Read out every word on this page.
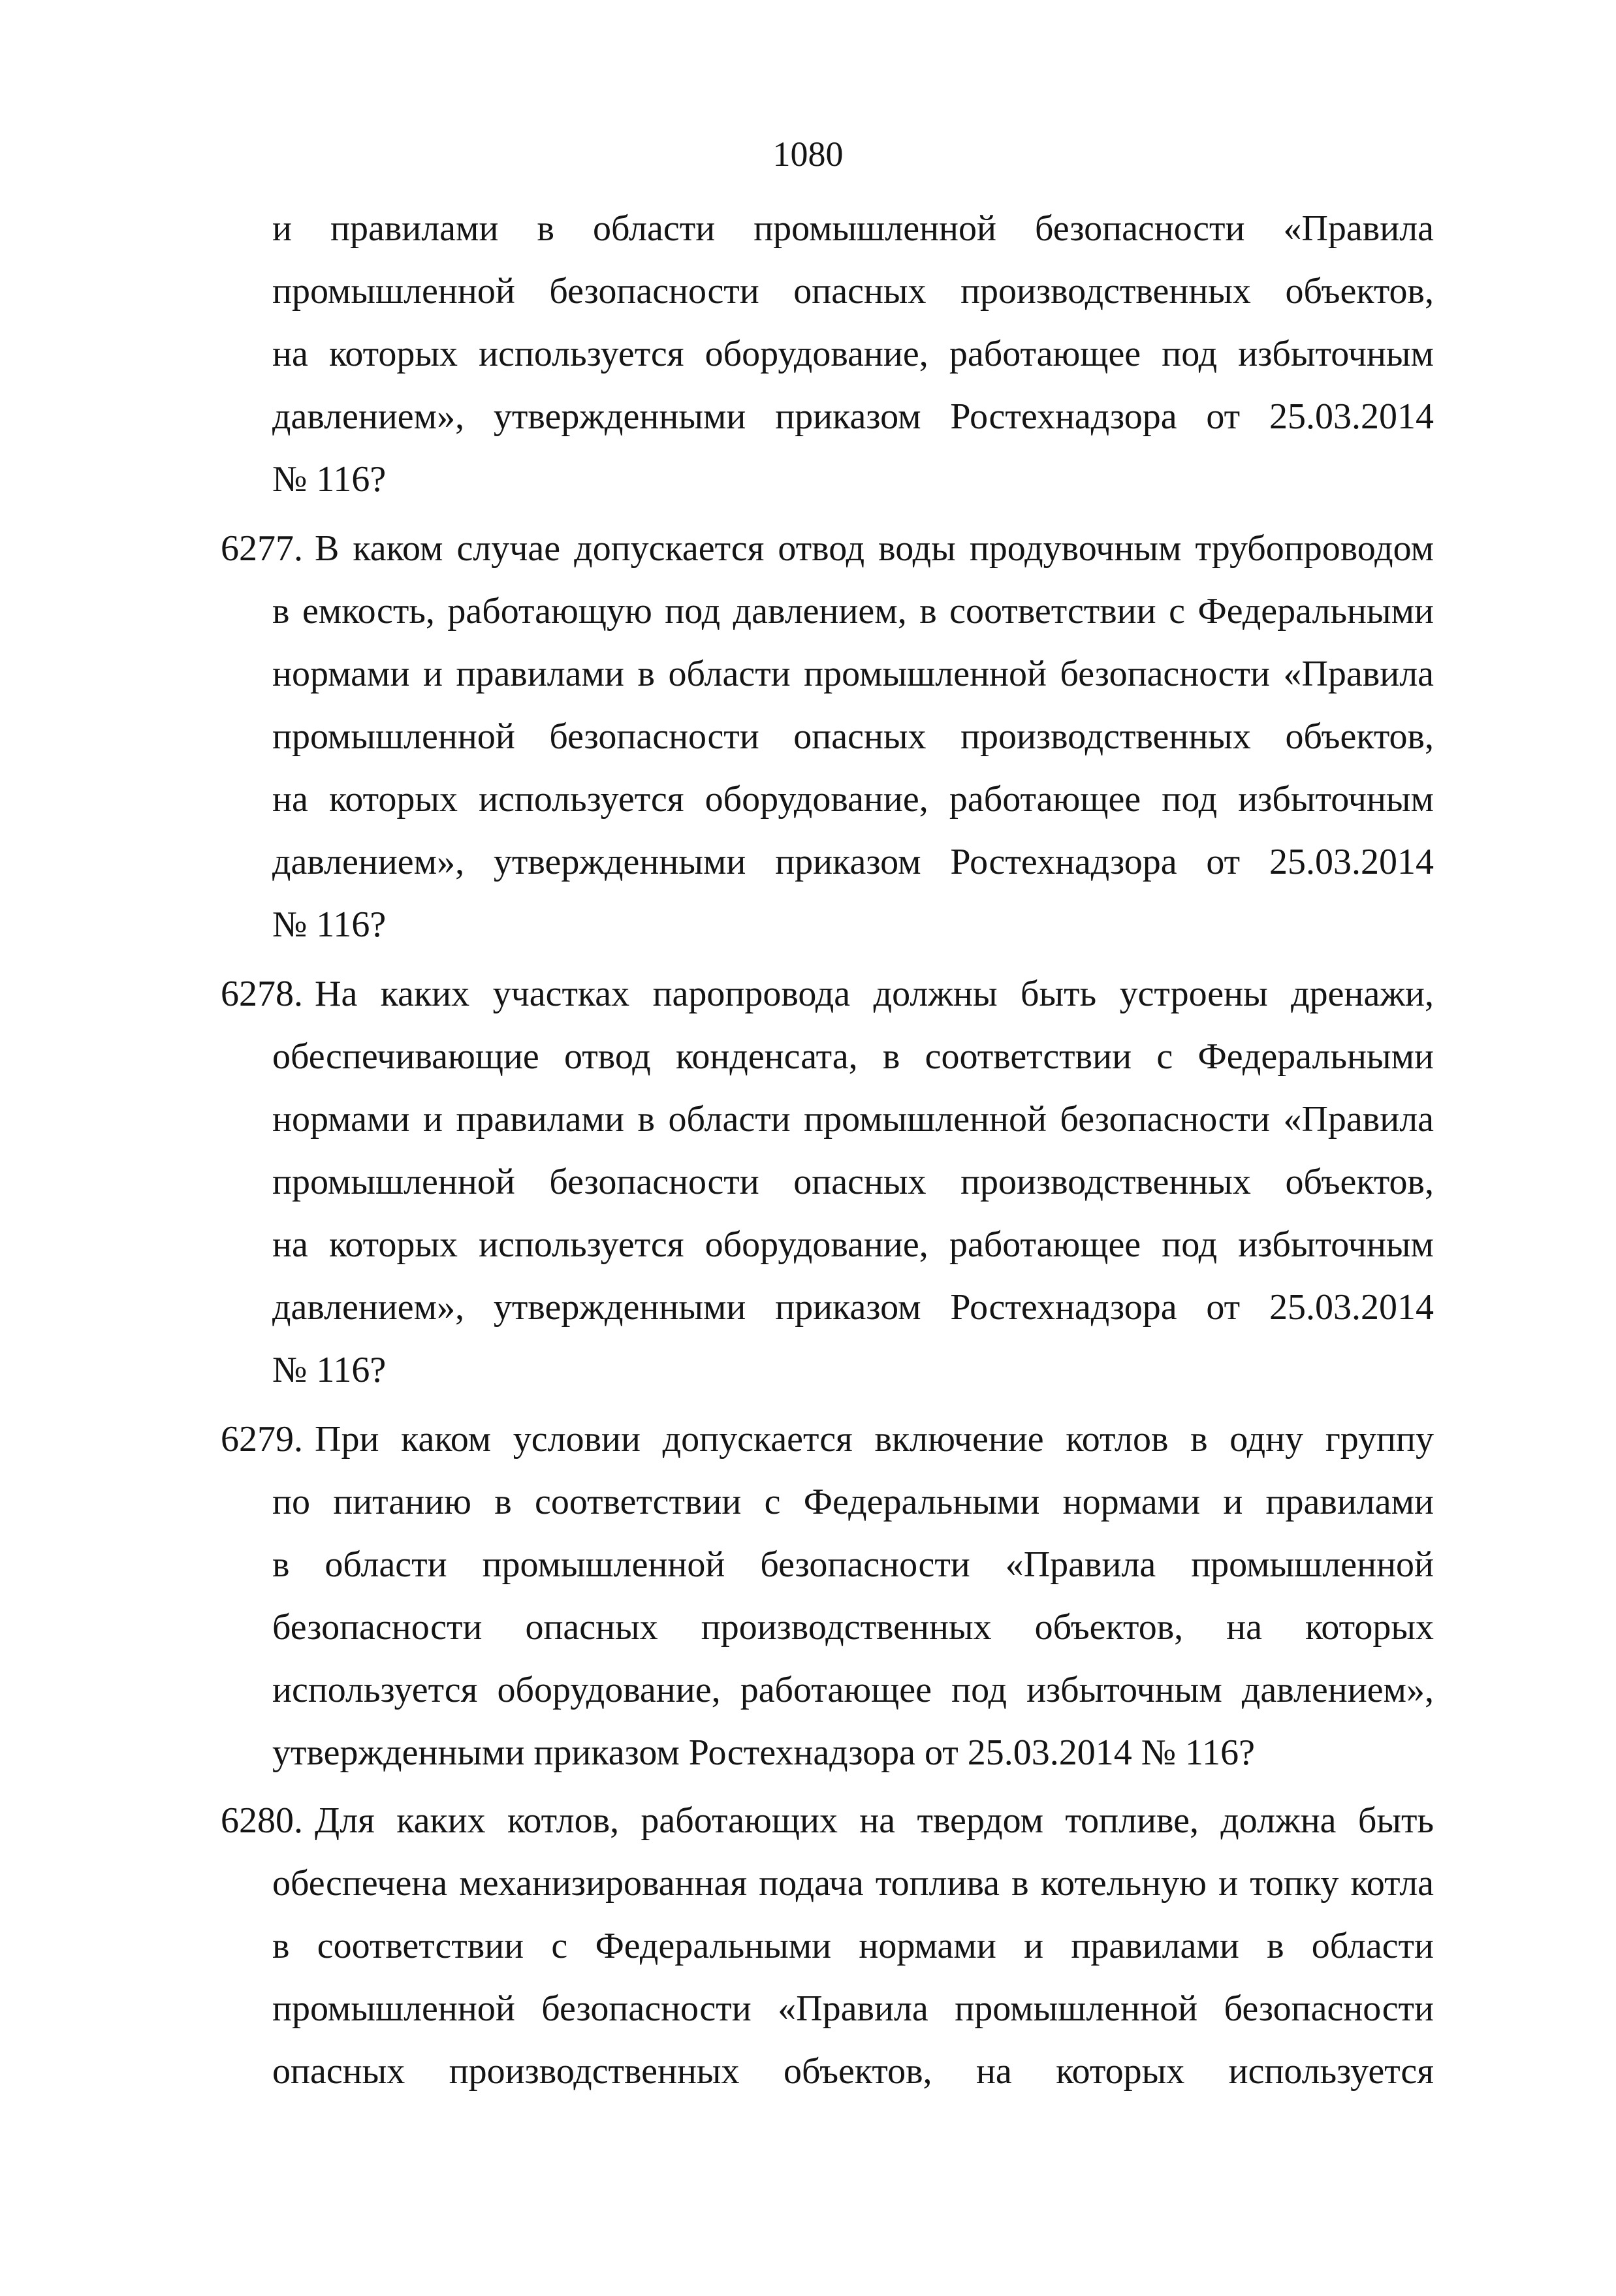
1080
и правилами в области промышленной безопасности «Правила
промышленной безопасности опасных производственных объектов,
на которых используется оборудование, работающее под избыточным
давлением», утвержденными приказом Ростехнадзора от 25.03.2014
№ 116?
6277. В каком случае допускается отвод воды продувочным трубопроводом
в емкость, работающую под давлением, в соответствии с Федеральными
нормами и правилами в области промышленной безопасности «Правила
промышленной безопасности опасных производственных объектов,
на которых используется оборудование, работающее под избыточным
давлением», утвержденными приказом Ростехнадзора от 25.03.2014
№ 116?
6278. На каких участках паропровода должны быть устроены дренажи,
обеспечивающие отвод конденсата, в соответствии с Федеральными
нормами и правилами в области промышленной безопасности «Правила
промышленной безопасности опасных производственных объектов,
на которых используется оборудование, работающее под избыточным
давлением», утвержденными приказом Ростехнадзора от 25.03.2014
№ 116?
6279. При каком условии допускается включение котлов в одну группу
по питанию в соответствии с Федеральными нормами и правилами
в области промышленной безопасности «Правила промышленной
безопасности опасных производственных объектов, на которых
используется оборудование, работающее под избыточным давлением»,
утвержденными приказом Ростехнадзора от 25.03.2014 № 116?
6280. Для каких котлов, работающих на твердом топливе, должна быть
обеспечена механизированная подача топлива в котельную и топку котла
в соответствии с Федеральными нормами и правилами в области
промышленной безопасности «Правила промышленной безопасности
опасных производственных объектов, на которых используется
